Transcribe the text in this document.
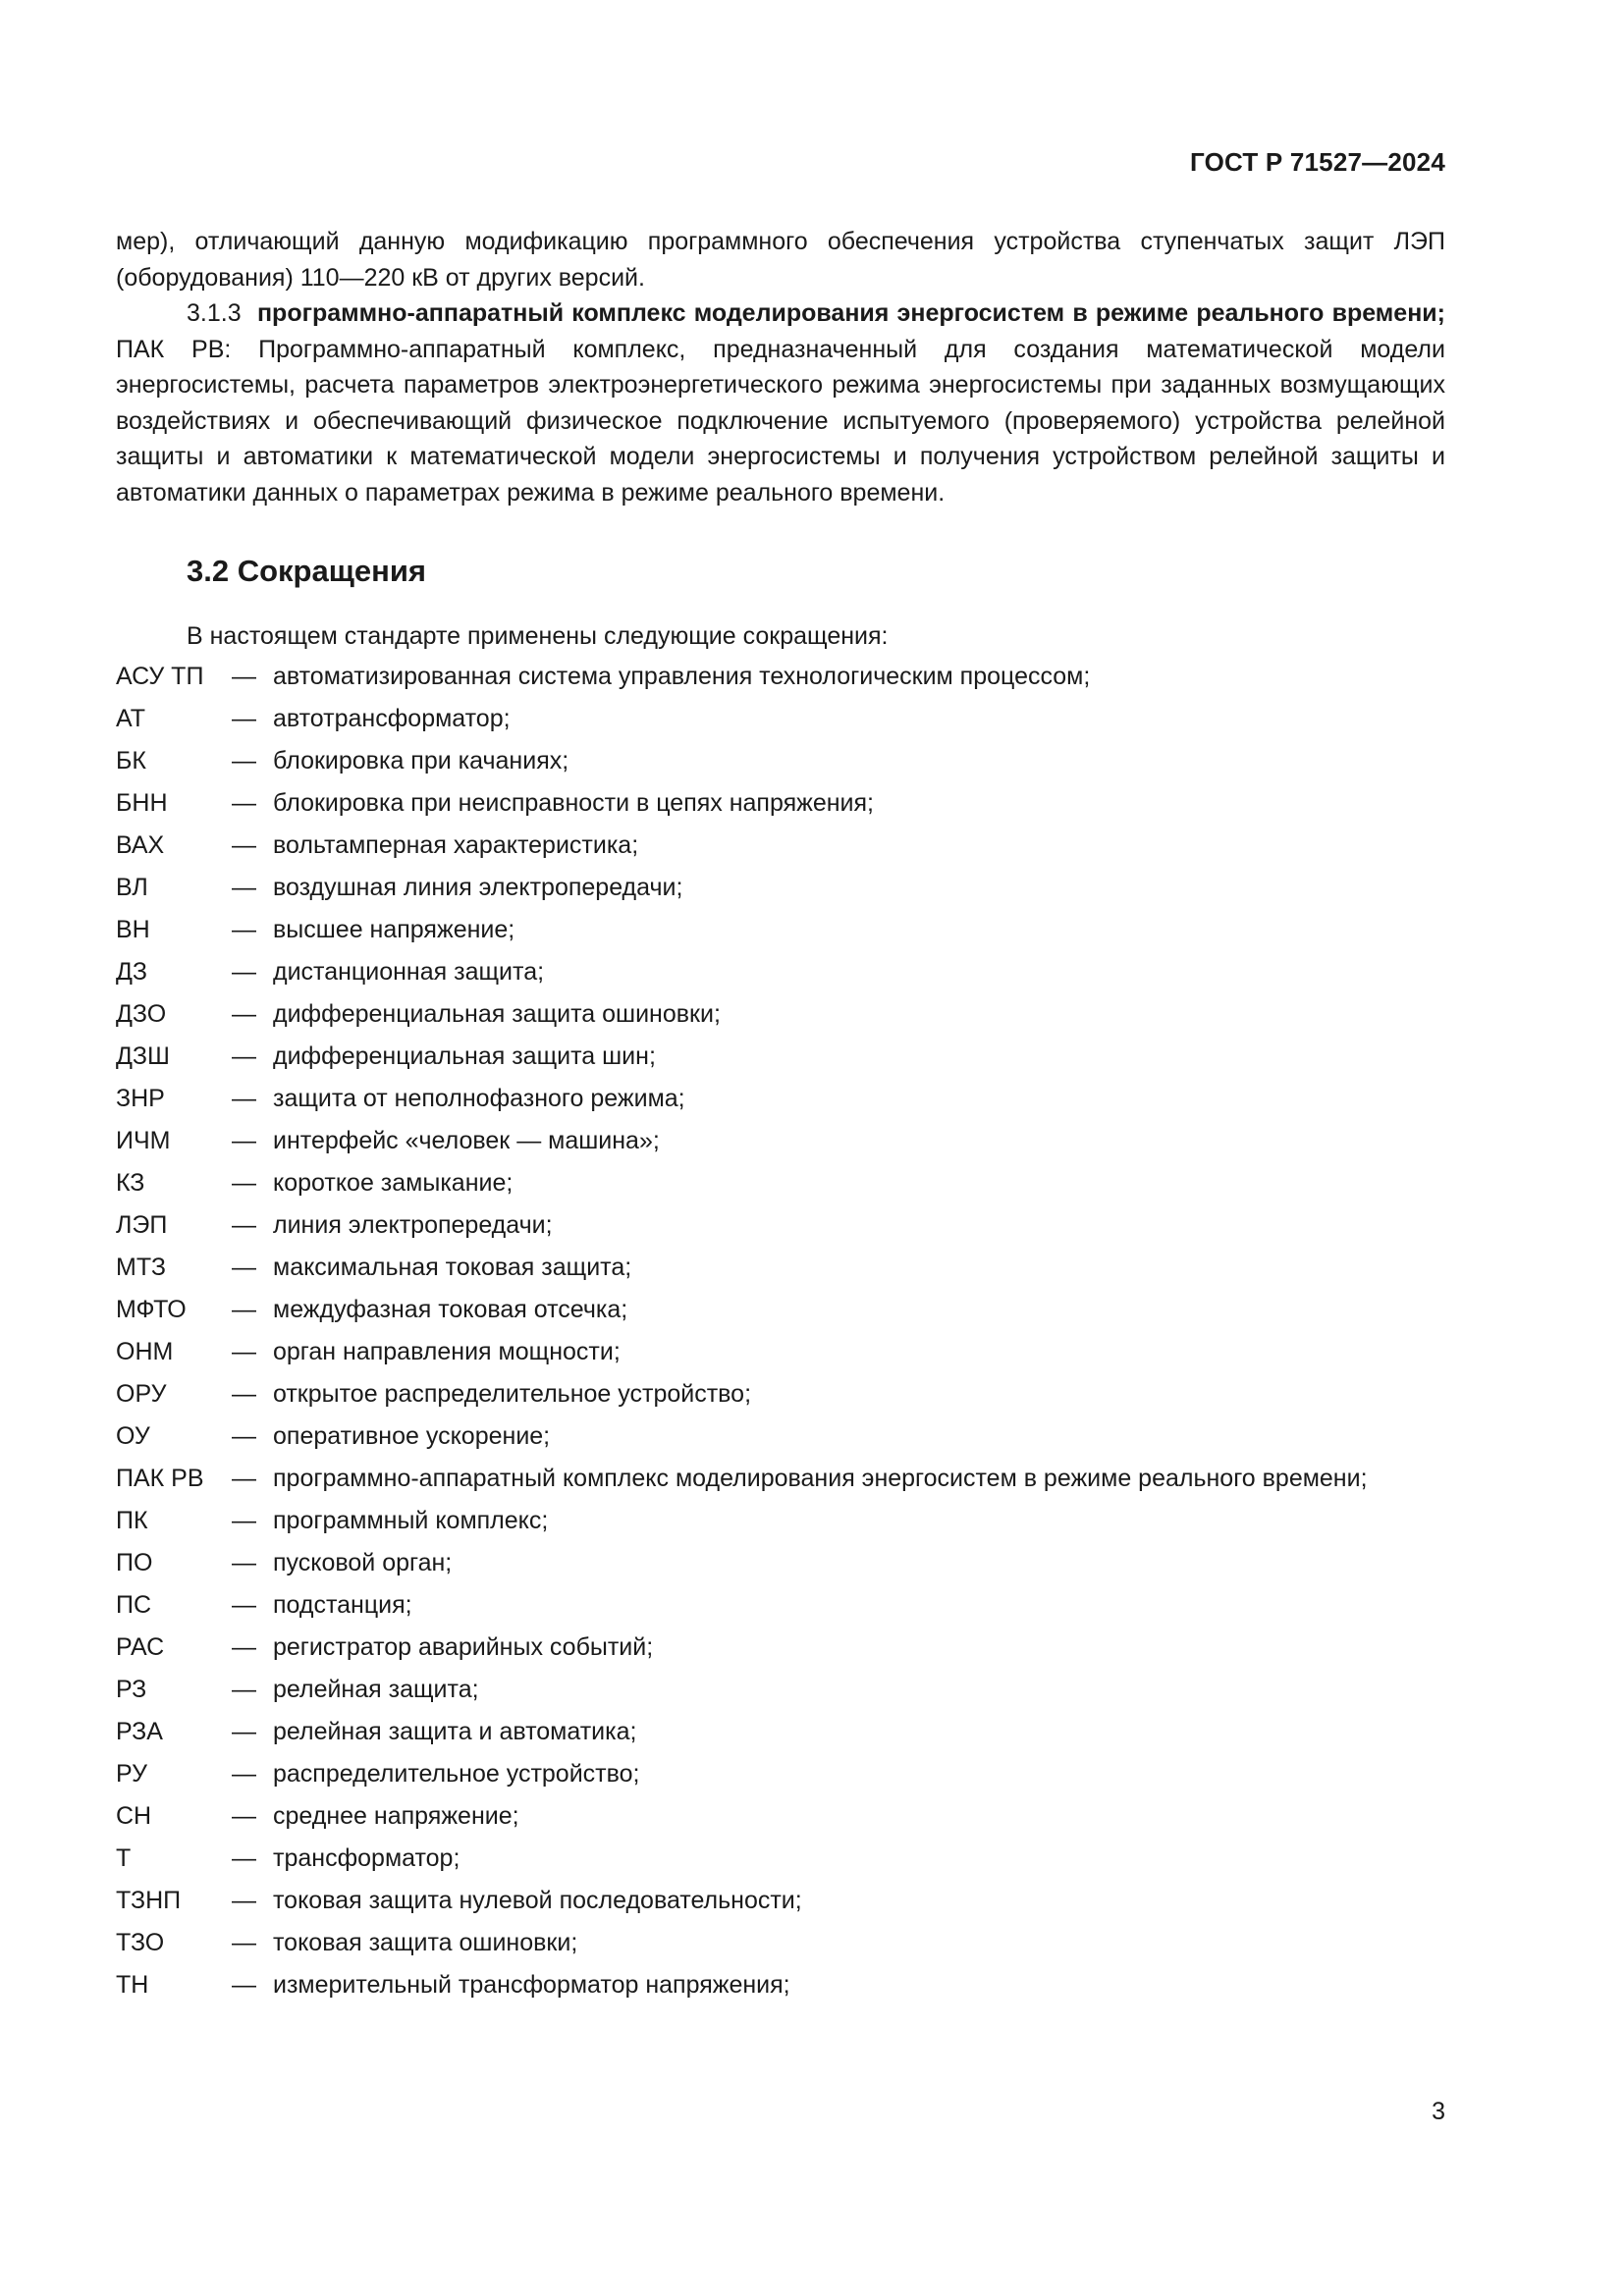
ГОСТ Р 71527—2024

мер), отличающий данную модификацию программного обеспечения устройства ступенчатых защит ЛЭП (оборудования) 110—220 кВ от других версий.

3.1.3 программно-аппаратный комплекс моделирования энергосистем в режиме реального времени; ПАК РВ: Программно-аппаратный комплекс, предназначенный для создания математической модели энергосистемы, расчета параметров электроэнергетического режима энергосистемы при заданных возмущающих воздействиях и обеспечивающий физическое подключение испытуемого (проверяемого) устройства релейной защиты и автоматики к математической модели энергосистемы и получения устройством релейной защиты и автоматики данных о параметрах режима в режиме реального времени.

3.2 Сокращения
В настоящем стандарте применены следующие сокращения:
АСУ ТП	— автоматизированная система управления технологическим процессом;
АТ	— автотрансформатор;
БК	— блокировка при качаниях;
БНН	— блокировка при неисправности в цепях напряжения;
ВАХ	— вольтамперная характеристика;
ВЛ	— воздушная линия электропередачи;
ВН	— высшее напряжение;
ДЗ	— дистанционная защита;
ДЗО	— дифференциальная защита ошиновки;
ДЗШ	— дифференциальная защита шин;
ЗНР	— защита от неполнофазного режима;
ИЧМ	— интерфейс «человек — машина»;
КЗ	— короткое замыкание;
ЛЭП	— линия электропередачи;
МТЗ	— максимальная токовая защита;
МФТО	— междуфазная токовая отсечка;
ОНМ	— орган направления мощности;
ОРУ	— открытое распределительное устройство;
ОУ	— оперативное ускорение;
ПАК РВ	— программно-аппаратный комплекс моделирования энергосистем в режиме реального времени;
ПК	— программный комплекс;
ПО	— пусковой орган;
ПС	— подстанция;
РАС	— регистратор аварийных событий;
РЗ	— релейная защита;
РЗА	— релейная защита и автоматика;
РУ	— распределительное устройство;
СН	— среднее напряжение;
Т	— трансформатор;
ТЗНП	— токовая защита нулевой последовательности;
ТЗО	— токовая защита ошиновки;
ТН	— измерительный трансформатор напряжения;
3
